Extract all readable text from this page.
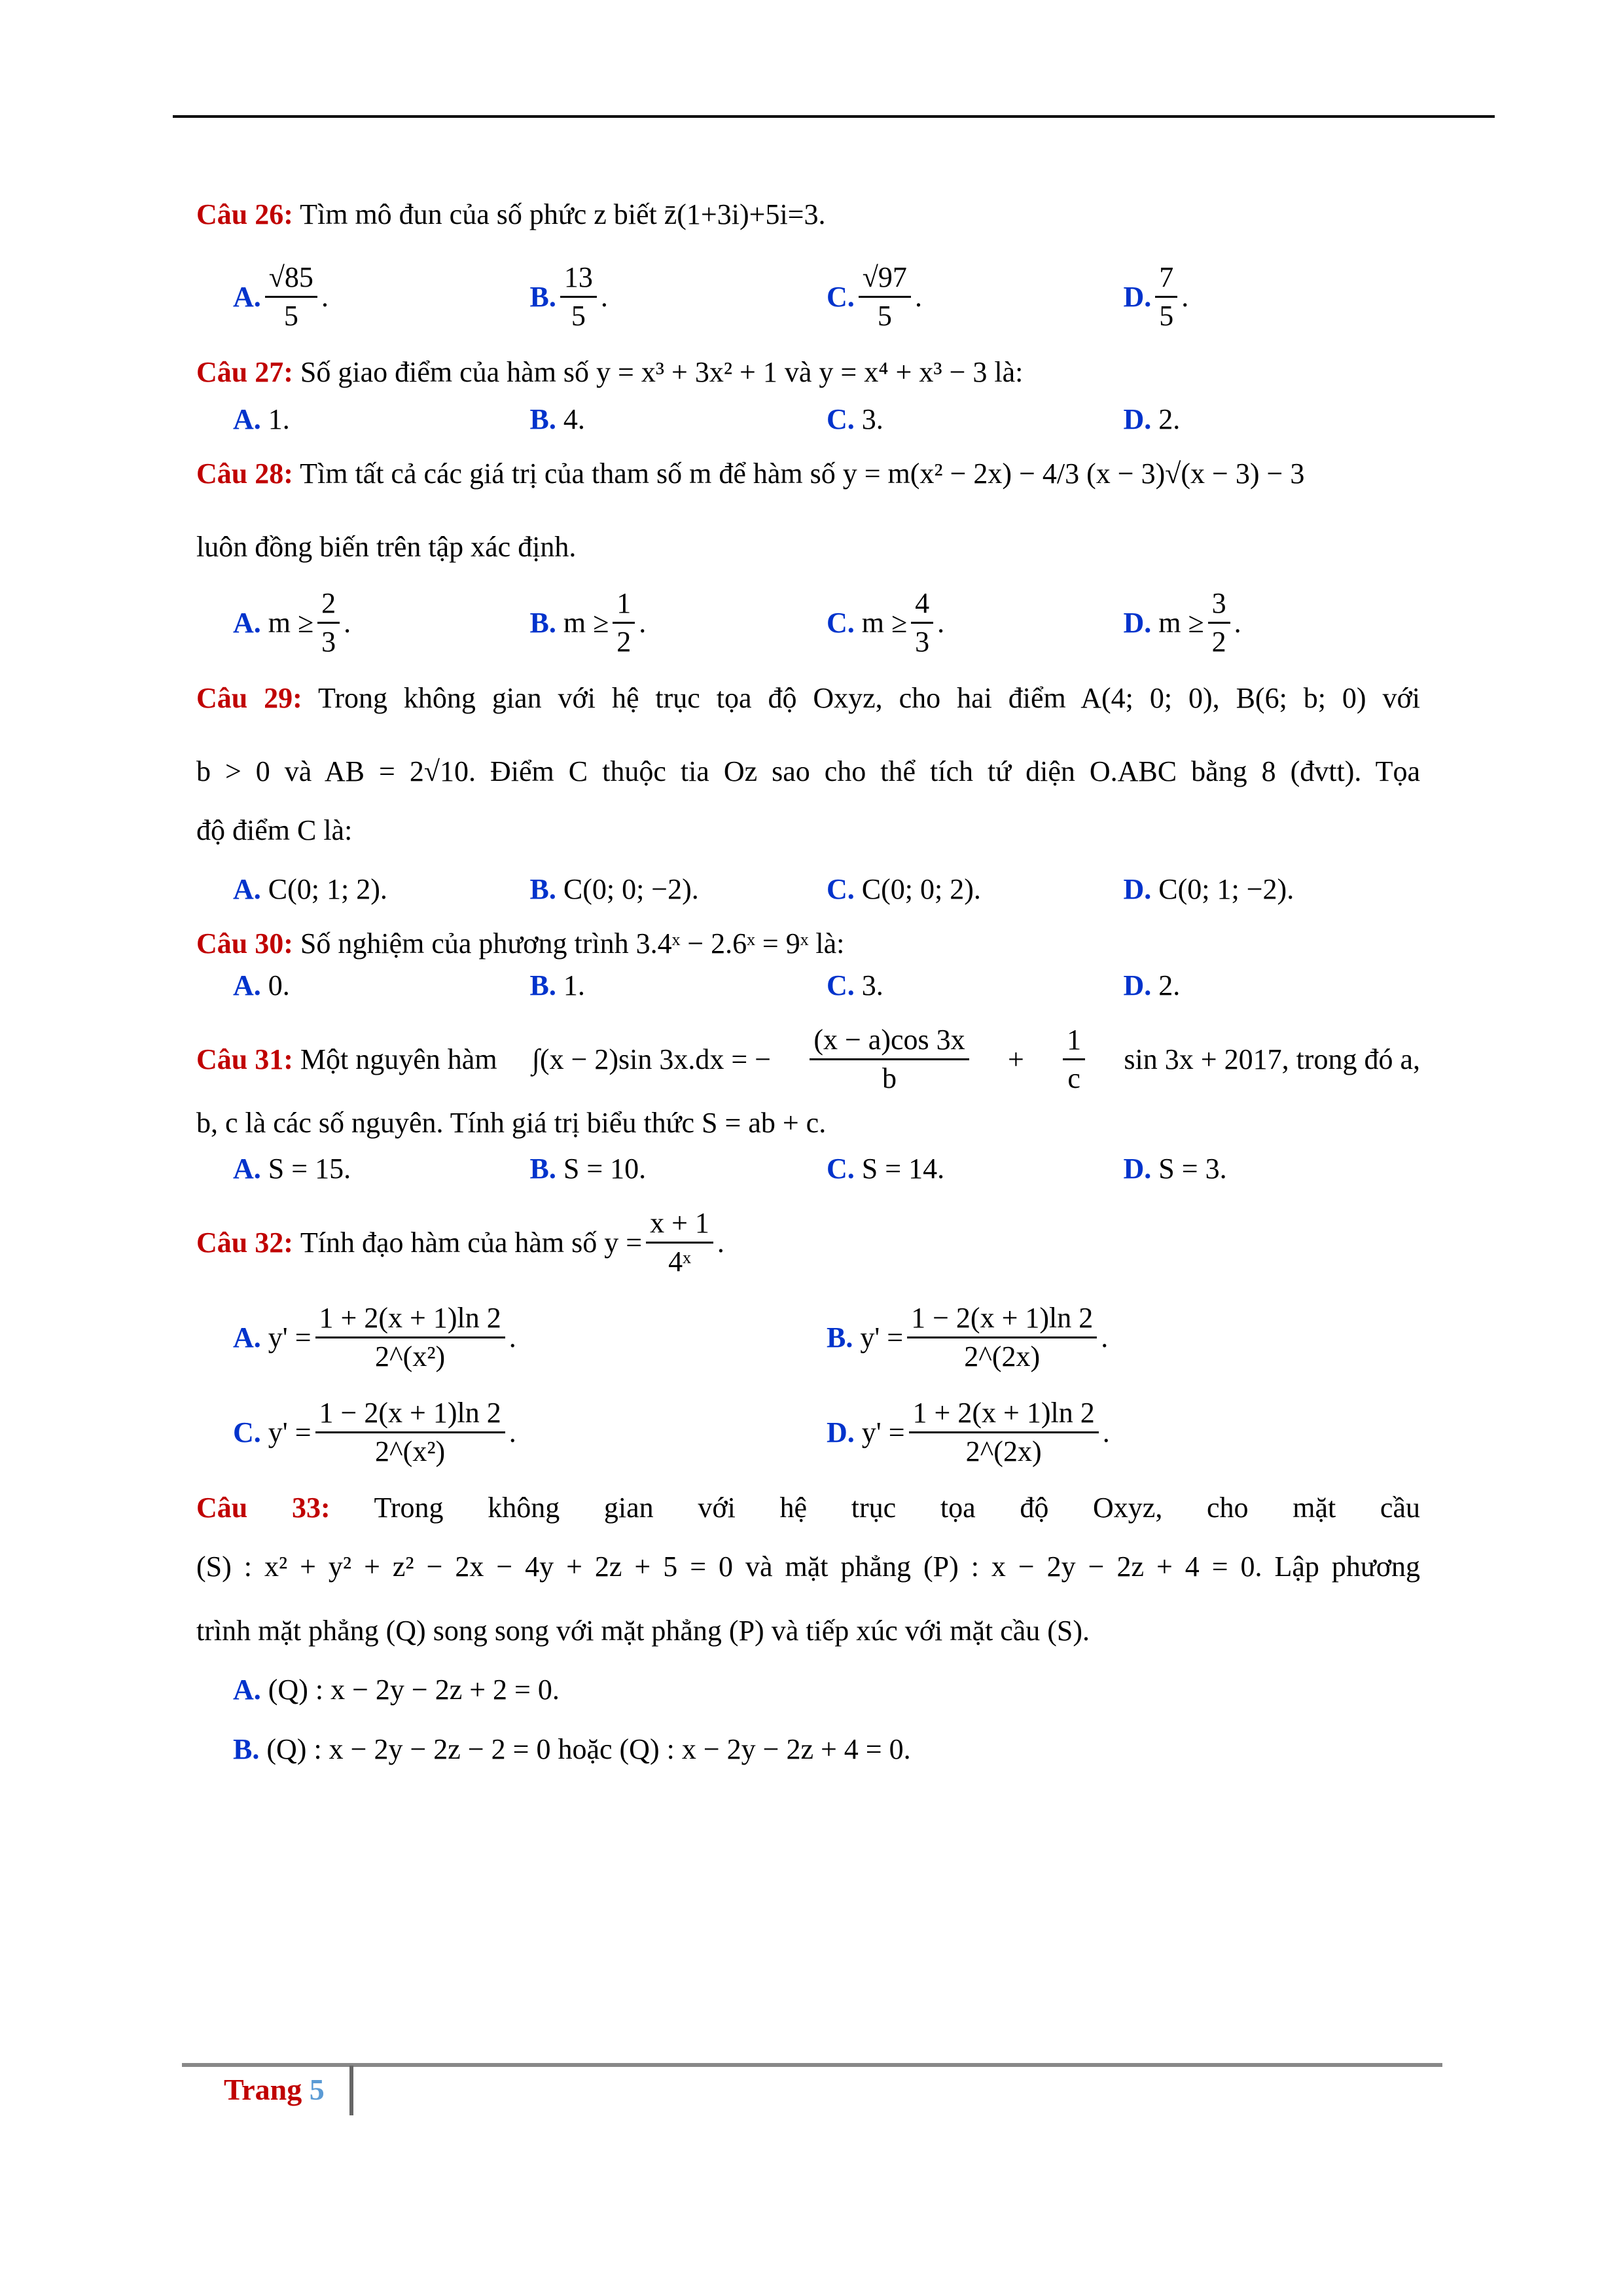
Câu 26: Tìm mô đun của số phức z biết z̄(1+3i)+5i=3.

A. $\frac{√85}{5}$ .	B. $\frac{13}{5}$ .	C. $\frac{√97}{5}$ .	D. $\frac{7}{5}$ .

Câu 27: Số giao điểm của hàm số y = x³ + 3x² + 1 và y = x⁴ + x³ − 3 là:

A.
1.	B.
4.	C.
3.	D.
2.

Câu 28: Tìm tất cả các giá trị của tham số m để hàm số y = m(x² − 2x) − 4/3 (x − 3)√(x − 3) − 3

luôn đồng biến trên tập xác định.

A.
$m \ge \frac{2}{3}$ .	B.
$m \ge \frac{1}{2}$ .	C.
$m \ge \frac{4}{3}$ .	D.
$m \ge \frac{3}{2}$ .

Câu 29: Trong không gian với hệ trục tọa độ Oxyz, cho hai điểm A(4; 0; 0), B(6; b; 0) với

b > 0 và AB = 2√10. Điểm C thuộc tia Oz sao cho thể tích tứ diện O.ABC bằng 8 (đvtt). Tọa

độ điểm C là:

A.
C(0; 1; 2).	B.
C(0; 0; −2).	C.
C(0; 0; 2).	D.
C(0; 1; −2).

Câu 30: Số nghiệm của phương trình 3.4ˣ − 2.6ˣ = 9ˣ là:

A.
0.	B.
1.	C.
3.	D.
2.

Câu 31: Một nguyên hàm ∫(x − 2)sin 3x.dx = − $\frac{(x - a)\cos 3x}{b} + \frac{1}{c}$ sin 3x + 2017, trong đó a,

b, c là các số nguyên. Tính giá trị biểu thức S = ab + c.

A.
S = 15.	B.
S = 10.	C.
S = 14.	D.
S = 3.

Câu 32:
Tính đạo hàm của hàm số
$y = \frac{x + 1}{\text{4ˣ}}$ .

A.
$y' = \frac{1 + 2(x + 1)\ln 2}{\text{2\textasciicircum{}(x²)}}$ .	B.
$y' = \frac{1 - 2(x + 1)\ln 2}{2\^{}(2x)}$ .
C.
$y' = \frac{1 - 2(x + 1)\ln 2}{\text{2\textasciicircum{}(x²)}}$ .	D.
$y' = \frac{1 + 2(x + 1)\ln 2}{2\^{}(2x)}$ .

Câu 33: Trong không gian với hệ trục tọa độ Oxyz, cho mặt cầu

(S) : x² + y² + z² − 2x − 4y + 2z + 5 = 0 và mặt phẳng (P) : x − 2y − 2z + 4 = 0. Lập phương

trình mặt phẳng (Q) song song với mặt phẳng (P) và tiếp xúc với mặt cầu (S).

A.
(Q) : x − 2y − 2z + 2 = 0.
B.
(Q) : x − 2y − 2z − 2 = 0 hoặc (Q) : x − 2y − 2z + 4 = 0.
Trang 5
